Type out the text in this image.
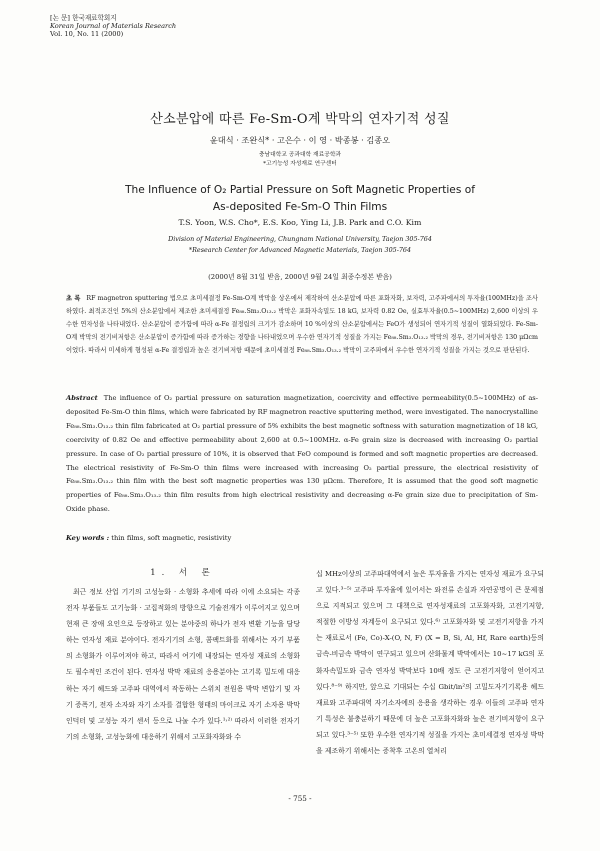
[논 문] 한국재료학회지
Korean Journal of Materials Research
Vol. 10, No. 11 (2000)
산소분압에 따른 Fe-Sm-O계 박막의 연자기적 성질
윤대식 · 조완식* · 고은수 · 이 영 · 박종봉 · 김종오
충남대학교 공과대학 재료공학과
*고기능성 자성재료 연구센터
The Influence of O₂ Partial Pressure on Soft Magnetic Properties of
As-deposited Fe-Sm-O Thin Films
T.S. Yoon, W.S. Cho*, E.S. Koo, Ying Li, J.B. Park and C.O. Kim
Division of Material Engineering, Chungnam National University, Taejon 305-764
*Research Center for Advanced Magnetic Materials, Taejon 305-764
(2000년 8월 31일 받음, 2000년 9월 24일 최종수정본 받음)
초 록 RF magnetron sputtering 법으로 초미세결정 Fe-Sm-O계 박막을 상온에서 제작하여 산소분압에 따른 포화자화, 보자력, 고주파에서의 투자율(100MHz)을 조사하였다. 최적조건인 5%의 산소분압에서 제조한 초미세결정 Fe₈₈.Sm₃.O₁₃.₂ 박막은 포화자속밀도 18 kG, 보자력 0.82 Oe, 실효투자율(0.5~100MHz) 2,600 이상의 우수한 연자성을 나타내었다. 산소분압이 증가함에 따라 α-Fe 결정립의 크기가 감소하며 10 %이상의 산소분압에서는 FeO가 생성되어 연자기적 성질이 열화되었다. Fe-Sm-O계 박막의 전기비저항은 산소분압이 증가함에 따라 증가하는 경향을 나타내었으며 우수한 연자기적 성질을 가지는 Fe₈₈.Sm₃.O₁₃.₂ 박막의 경우, 전기비저항은 130 μΩcm이었다. 따라서 미세하게 형성된 α-Fe 결정립과 높은 전기비저항 때문에 초미세결정 Fe₈₈.Sm₃.O₁₃.₂ 박막이 고주파에서 우수한 연자기적 성질을 가지는 것으로 판단된다.
Abstract The influence of O₂ partial pressure on saturation magnetization, coercivity and effective permeability(0.5~100MHz) of as-deposited Fe-Sm-O thin films, which were fabricated by RF magnetron reactive sputtering method, were investigated. The nanocrystalline Fe₈₈.Sm₃.O₁₃.₂ thin film fabricated at O₂ partial pressure of 5% exhibits the best magnetic softness with saturation magnetization of 18 kG, coercivity of 0.82 Oe and effective permeability about 2,600 at 0.5~100MHz. α-Fe grain size is decreased with increasing O₂ partial pressure. In case of O₂ partial pressure of 10%, it is observed that FeO compound is formed and soft magnetic properties are decreased. The electrical resistivity of Fe-Sm-O thin films were increased with increasing O₂ partial pressure, the electrical resistivity of Fe₈₈.Sm₃.O₁₃.₂ thin film with the best soft magnetic properties was 130 μΩcm. Therefore, It is assumed that the good soft magnetic properties of Fe₈₈.Sm₃.O₁₃.₂ thin film results from high electrical resistivity and decreasing α-Fe grain size due to precipitation of Sm-Oxide phase.
Key words : thin films, soft magnetic, resistivity
1. 서 론
최근 정보 산업 기기의 고성능화 · 소형화 추세에 따라 이에 소요되는 각종 전자 부품들도 고기능화 · 고집적화의 방향으로 기술전개가 이루어지고 있으며 현재 큰 장애 요인으로 등장하고 있는 분야중의 하나가 전자 변환 기능을 담당하는 연자성 재료 분야이다. 전자기기의 소형, 콤팩트화를 위해서는 자기 부품의 소형화가 이루어져야 하고, 따라서 여기에 내장되는 연자성 재료의 소형화도 필수적인 조건이 된다. 연자성 박막 재료의 응용분야는 고기록 밀도에 대응하는 자기 헤드와 고주파 대역에서 작동하는 스위치 전원용 박막 변압기 및 자기 증폭기, 전자 소자와 자기 소자를 결합한 형태의 마이크로 자기 소자용 박막 인덕터 및 고성능 자기 센서 등으로 나눌 수가 있다.¹˒²⁾ 따라서 이러한 전자기기의 소형화, 고성능화에 대응하기 위해서 고포화자화와 수
십 MHz이상의 고주파대역에서 높은 투자율을 가지는 연자성 재료가 요구되고 있다.³⁻⁵⁾ 고주파 투자율에 있어서는 와전류 손실과 자연공명이 큰 문제점으로 지적되고 있으며 그 대책으로 연자성재료의 고포화자화, 고전기저항, 적절한 이방성 자계등이 요구되고 있다.⁶⁾ 고포화자화 및 고전기저항을 가지는 재료로서 (Fe, Co)-X-(O, N, F) (X = B, Si, Al, Hf, Rare earth)등의 금속-비금속 박막이 연구되고 있으며 산화물계 박막에서는 10~17 kG의 포화자속밀도와 금속 연자성 박막보다 10배 정도 큰 고전기저항이 얻어지고 있다.⁸⁻⁹⁾ 하지만, 앞으로 기대되는 수십 Gbit/in²의 고밀도자기기록용 헤드재료와 고주파대역 자기소자에의 응용을 생각하는 경우 이들의 고주파 연자기 특성은 불충분하기 때문에 더 높은 고포화자화와 높은 전기비저항이 요구되고 있다.³⁻⁵⁾ 또한 우수한 연자기적 성질을 가지는 초미세결정 연자성 박막을 제조하기 위해서는 증착후 고온의 열처리
- 755 -
